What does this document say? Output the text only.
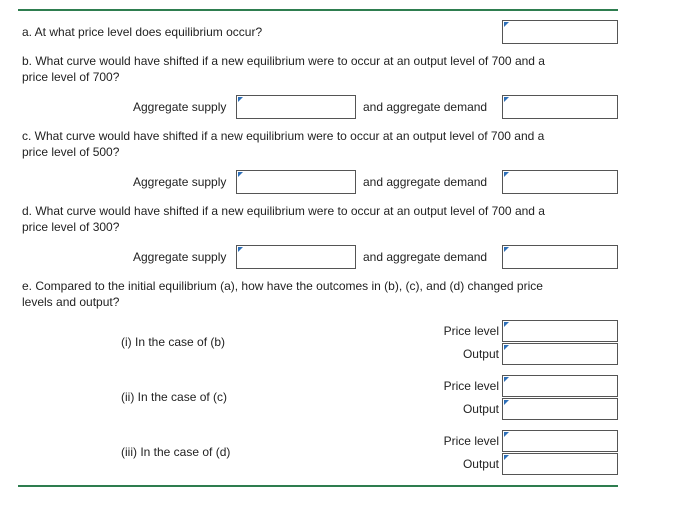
a. At what price level does equilibrium occur?
b. What curve would have shifted if a new equilibrium were to occur at an output level of 700 and a
price level of 700?
Aggregate supply	and aggregate demand
c. What curve would have shifted if a new equilibrium were to occur at an output level of 700 and a
price level of 500?
Aggregate supply	and aggregate demand
d. What curve would have shifted if a new equilibrium were to occur at an output level of 700 and a
price level of 300?
Aggregate supply	and aggregate demand
e. Compared to the initial equilibrium (a), how have the outcomes in (b), (c), and (d) changed price
levels and output?
(i) In the case of (b)
Price level
Output
(ii) In the case of (c)
Price level
Output
(iii) In the case of (d)
Price level
Output
